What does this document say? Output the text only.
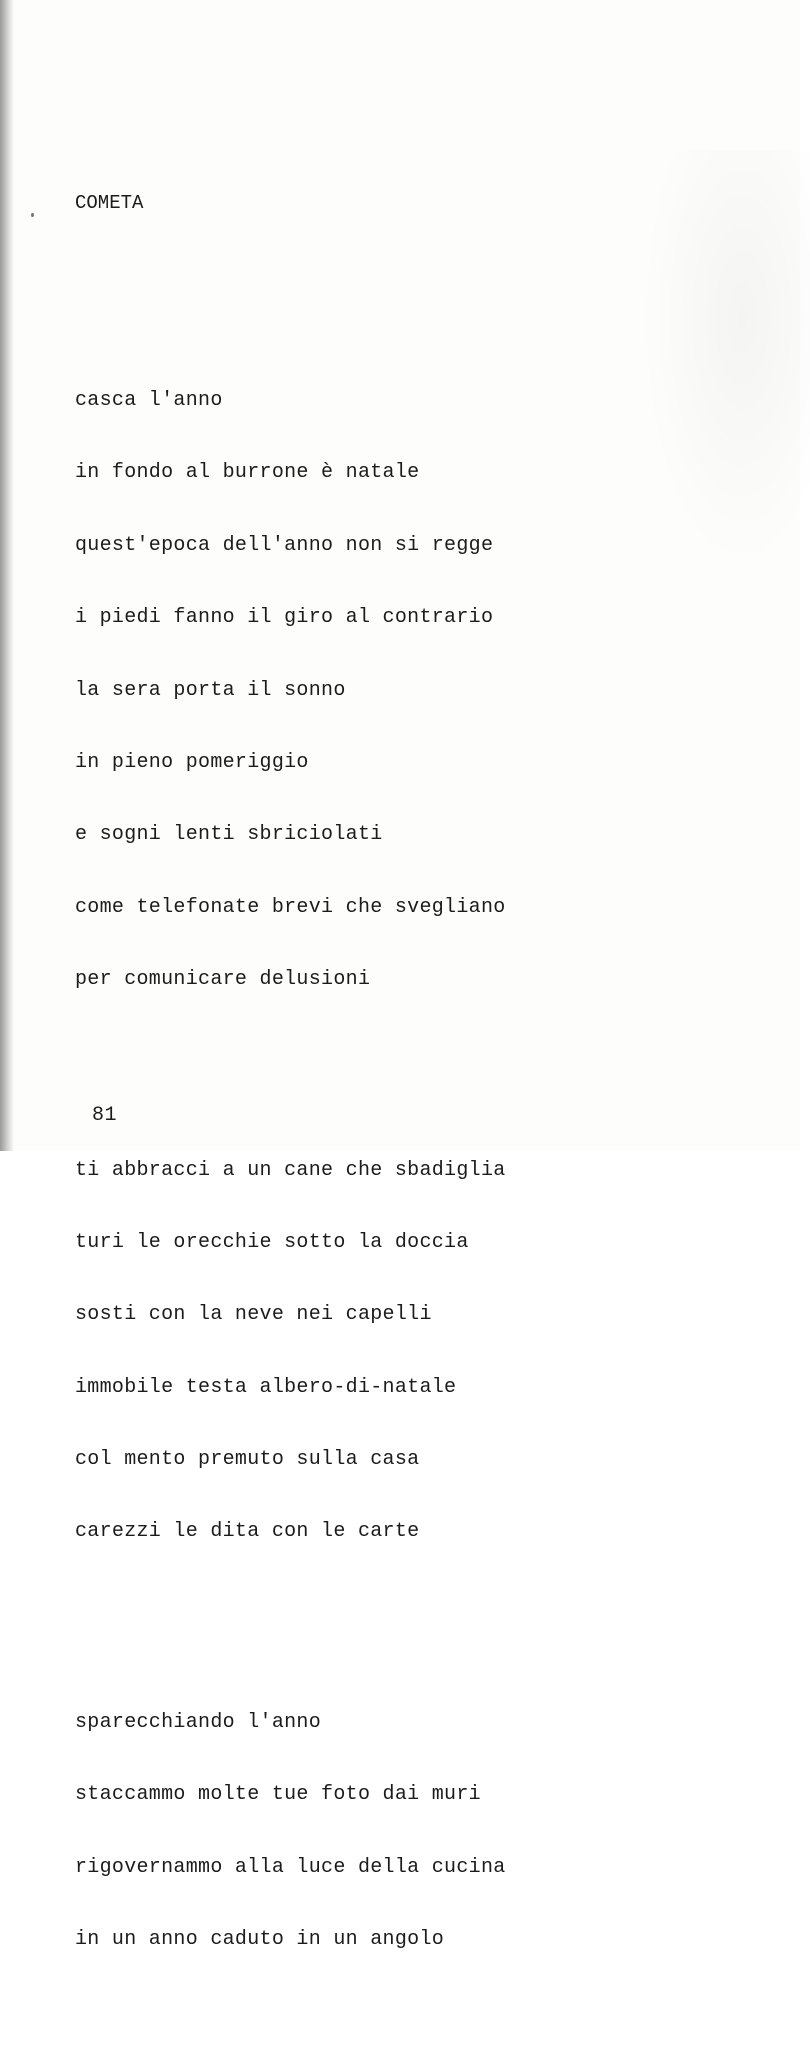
COMETA

casca l'anno

in fondo al burrone è natale

quest'epoca dell'anno non si regge

i piedi fanno il giro al contrario

la sera porta il sonno

in pieno pomeriggio

e sogni lenti sbriciolati

come telefonate brevi che svegliano

per comunicare delusioni

ti abbracci a un cane che sbadiglia

turi le orecchie sotto la doccia

sosti con la neve nei capelli

immobile testa albero-di-natale

col mento premuto sulla casa

carezzi le dita con le carte

sparecchiando l'anno

staccammo molte tue foto dai muri

rigovernammo alla luce della cucina

in un anno caduto in un angolo

81
